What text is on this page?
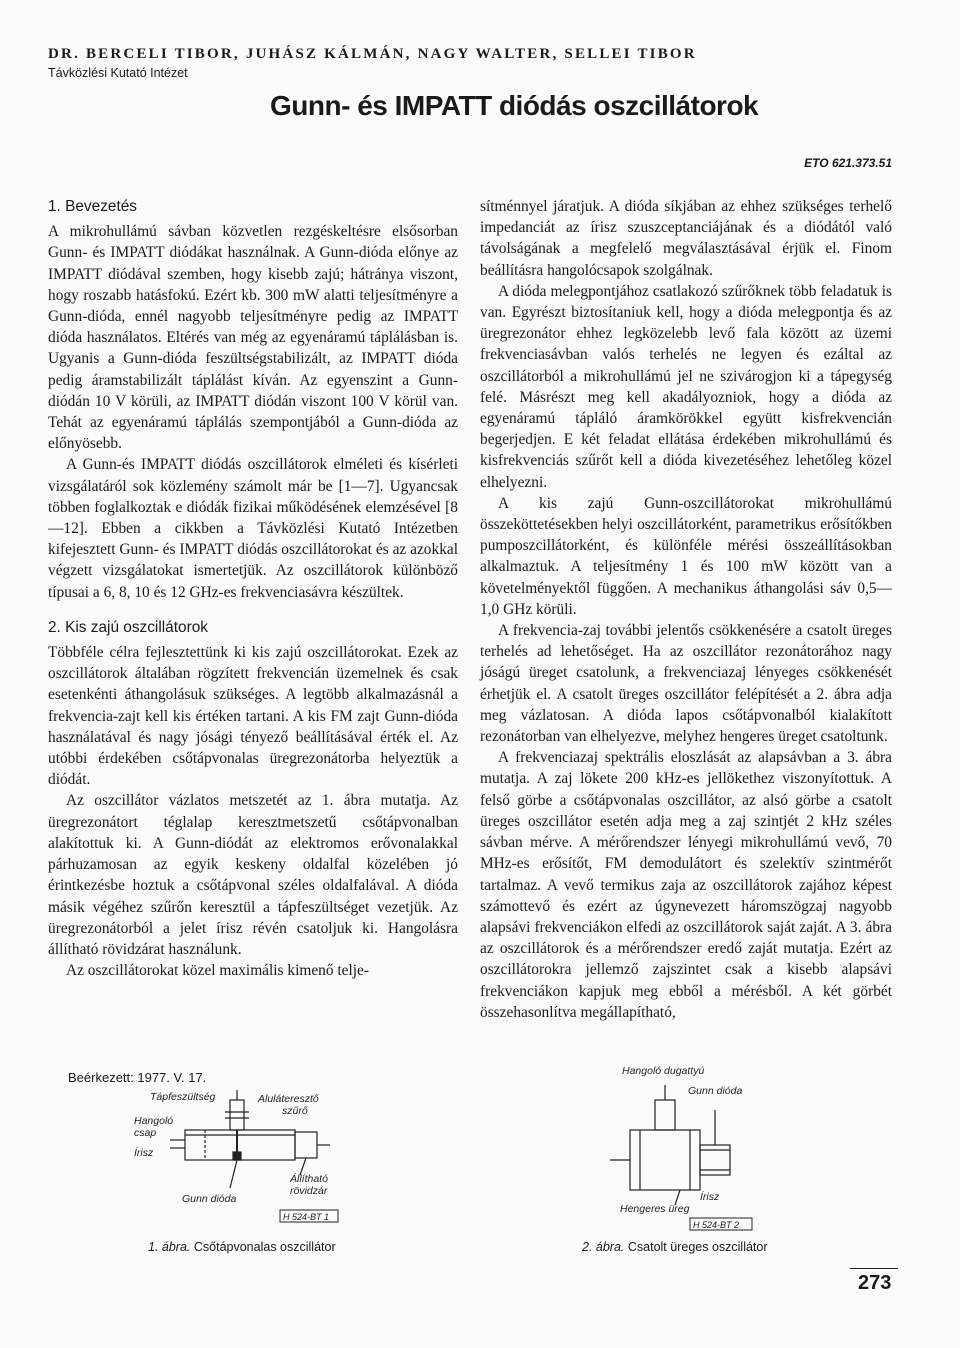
DR. BERCELI TIBOR, JUHÁSZ KÁLMÁN, NAGY WALTER, SELLEI TIBOR
Távközlési Kutató Intézet
Gunn- és IMPATT diódás oszcillátorok
ETO 621.373.51
1. Bevezetés

A mikrohullámú sávban közvetlen rezgéskeltésre elsősorban Gunn- és IMPATT diódákat használnak. A Gunn-dióda előnye az IMPATT diódával szemben, hogy kisebb zajú; hátránya viszont, hogy roszabb hatásfokú. Ezért kb. 300 mW alatti teljesítményre a Gunn-dióda, ennél nagyobb teljesítményre pedig az IMPATT dióda használatos. Eltérés van még az egyenáramú táplálásban is. Ugyanis a Gunn-dióda feszültségstabilizált, az IMPATT dióda pedig áramstabilizált táplálást kíván. Az egyenszint a Gunn-diódán 10 V körüli, az IMPATT diódán viszont 100 V körül van. Tehát az egyenáramú táplálás szempontjából a Gunn-dióda az előnyösebb.

A Gunn-és IMPATT diódás oszcillátorok elméleti és kísérleti vizsgálatáról sok közlemény számolt már be [1—7]. Ugyancsak többen foglalkoztak e diódák fizikai működésének elemzésével [8—12]. Ebben a cikkben a Távközlési Kutató Intézetben kifejesztett Gunn- és IMPATT diódás oszcillátorokat és az azokkal végzett vizsgálatokat ismertetjük. Az oszcillátorok különböző típusai a 6, 8, 10 és 12 GHz-es frekvenciasávra készültek.

2. Kis zajú oszcillátorok

Többféle célra fejlesztettünk ki kis zajú oszcillátorokat. Ezek az oszcillátorok általában rögzített frekvencián üzemelnek és csak esetenkénti áthangolásuk szükséges. A legtöbb alkalmazásnál a frekvencia-zajt kell kis értéken tartani. A kis FM zajt Gunn-dióda használatával és nagy jósági tényező beállításával érték el. Az utóbbi érdekében csőtápvonalas üregrezonátorba helyeztük a diódát.

Az oszcillátor vázlatos metszetét az 1. ábra mutatja. Az üregrezonátort téglalap keresztmetszetű csőtápvonalban alakítottuk ki. A Gunn-diódát az elektromos erővonalakkal párhuzamosan az egyik keskeny oldalfal közelében jó érintkezésbe hoztuk a csőtápvonal széles oldalfalával. A dióda másik végéhez szűrőn keresztül a tápfeszültséget vezetjük. Az üregrezonátorból a jelet írisz révén csatoljuk ki. Hangolásra állítható rövidzárat használunk.

Az oszcillátorokat közel maximális kimenő telje-

sítménnyel járatjuk. A dióda síkjában az ehhez szükséges terhelő impedanciát az írisz szuszceptanciájának és a diódától való távolságának a megfelelő megválasztásával érjük el. Finom beállításra hangolócsapok szolgálnak.

A dióda melegpontjához csatlakozó szűrőknek több feladatuk is van. Egyrészt biztosítaniuk kell, hogy a dióda melegpontja és az üregrezonátor ehhez legközelebb levő fala között az üzemi frekvenciasávban valós terhelés ne legyen és ezáltal az oszcillátorból a mikrohullámú jel ne szivárogjon ki a tápegység felé. Másrészt meg kell akadályozniok, hogy a dióda az egyenáramú tápláló áramkörökkel együtt kisfrekvencián begerjedjen. E két feladat ellátása érdekében mikrohullámú és kisfrekvenciás szűrőt kell a dióda kivezetéséhez lehetőleg közel elhelyezni.

A kis zajú Gunn-oszcillátorokat mikrohullámú összeköttetésekben helyi oszcillátorként, parametrikus erősítőkben pumposzcillátorként, és különféle mérési összeállításokban alkalmaztuk. A teljesítmény 1 és 100 mW között van a követelményektől függően. A mechanikus áthangolási sáv 0,5—1,0 GHz körüli.

A frekvencia-zaj további jelentős csökkenésére a csatolt üreges terhelés ad lehetőséget. Ha az oszcillátor rezonátorához nagy jóságú üreget csatolunk, a frekvenciazaj lényeges csökkenését érhetjük el. A csatolt üreges oszcillátor felépítését a 2. ábra adja meg vázlatosan. A dióda lapos csőtápvonalból kialakított rezonátorban van elhelyezve, melyhez hengeres üreget csatoltunk.

A frekvenciazaj spektrális eloszlását az alapsávban a 3. ábra mutatja. A zaj lökete 200 kHz-es jellökethez viszonyítottuk. A felső görbe a csőtápvonalas oszcillátor, az alsó görbe a csatolt üreges oszcillátor esetén adja meg a zaj szintjét 2 kHz széles sávban mérve. A mérőrendszer lényegi mikrohullámú vevő, 70 MHz-es erősítőt, FM demodulátort és szelektív szintmérőt tartalmaz. A vevő termikus zaja az oszcillátorok zajához képest számottevő és ezért az úgynevezett háromszögzaj nagyobb alapsávi frekvenciákon elfedi az oszcillátorok saját zaját. A 3. ábra az oszcillátorok és a mérőrendszer eredő zaját mutatja. Ezért az oszcillátorokra jellemző zajszintet csak a kisebb alapsávi frekvenciákon kapjuk meg ebből a mérésből. A két görbét összehasonlítva megállapítható,

Beérkezett: 1977. V. 17.
Tápfeszültség	Aluláteresztő
szűrő
Hangoló
csap
Írisz
Állítható
rövidzár
Gunn dióda
H 524-BT 1
Hangoló dugattyú
Gunn dióda
Írisz
Hengeres üreg
H 524-BT 2
1. ábra. Csőtápvonalas oszcillátor	2. ábra. Csatolt üreges oszcillátor
273
